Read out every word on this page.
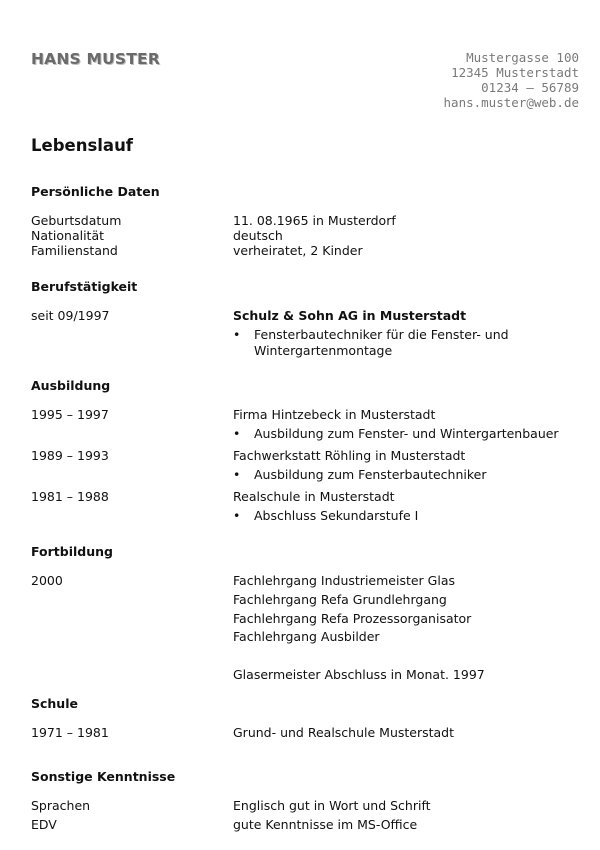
HANS MUSTER	Mustergasse 100
12345 Musterstadt
01234 – 56789
hans.muster@web.de
Lebenslauf
Persönliche Daten
Geburtsdatum	11. 08.1965 in Musterdorf
Nationalität	deutsch
Familienstand	verheiratet, 2 Kinder
Berufstätigkeit
seit 09/1997	Schulz & Sohn AG in Musterstadt
•	Fensterbautechniker für die Fenster- und
Wintergartenmontage
Ausbildung
1995 – 1997	Firma Hintzebeck in Musterstadt
•	Ausbildung zum Fenster- und Wintergartenbauer
1989 – 1993	Fachwerkstatt Röhling in Musterstadt
•	Ausbildung zum Fensterbautechniker
1981 – 1988	Realschule in Musterstadt
•	Abschluss Sekundarstufe I
Fortbildung
2000	Fachlehrgang Industriemeister Glas
Fachlehrgang Refa Grundlehrgang
Fachlehrgang Refa Prozessorganisator
Fachlehrgang Ausbilder
Glasermeister Abschluss in Monat. 1997
Schule
1971 – 1981	Grund- und Realschule Musterstadt
Sonstige Kenntnisse
Sprachen	Englisch gut in Wort und Schrift
EDV	gute Kenntnisse im MS-Office
